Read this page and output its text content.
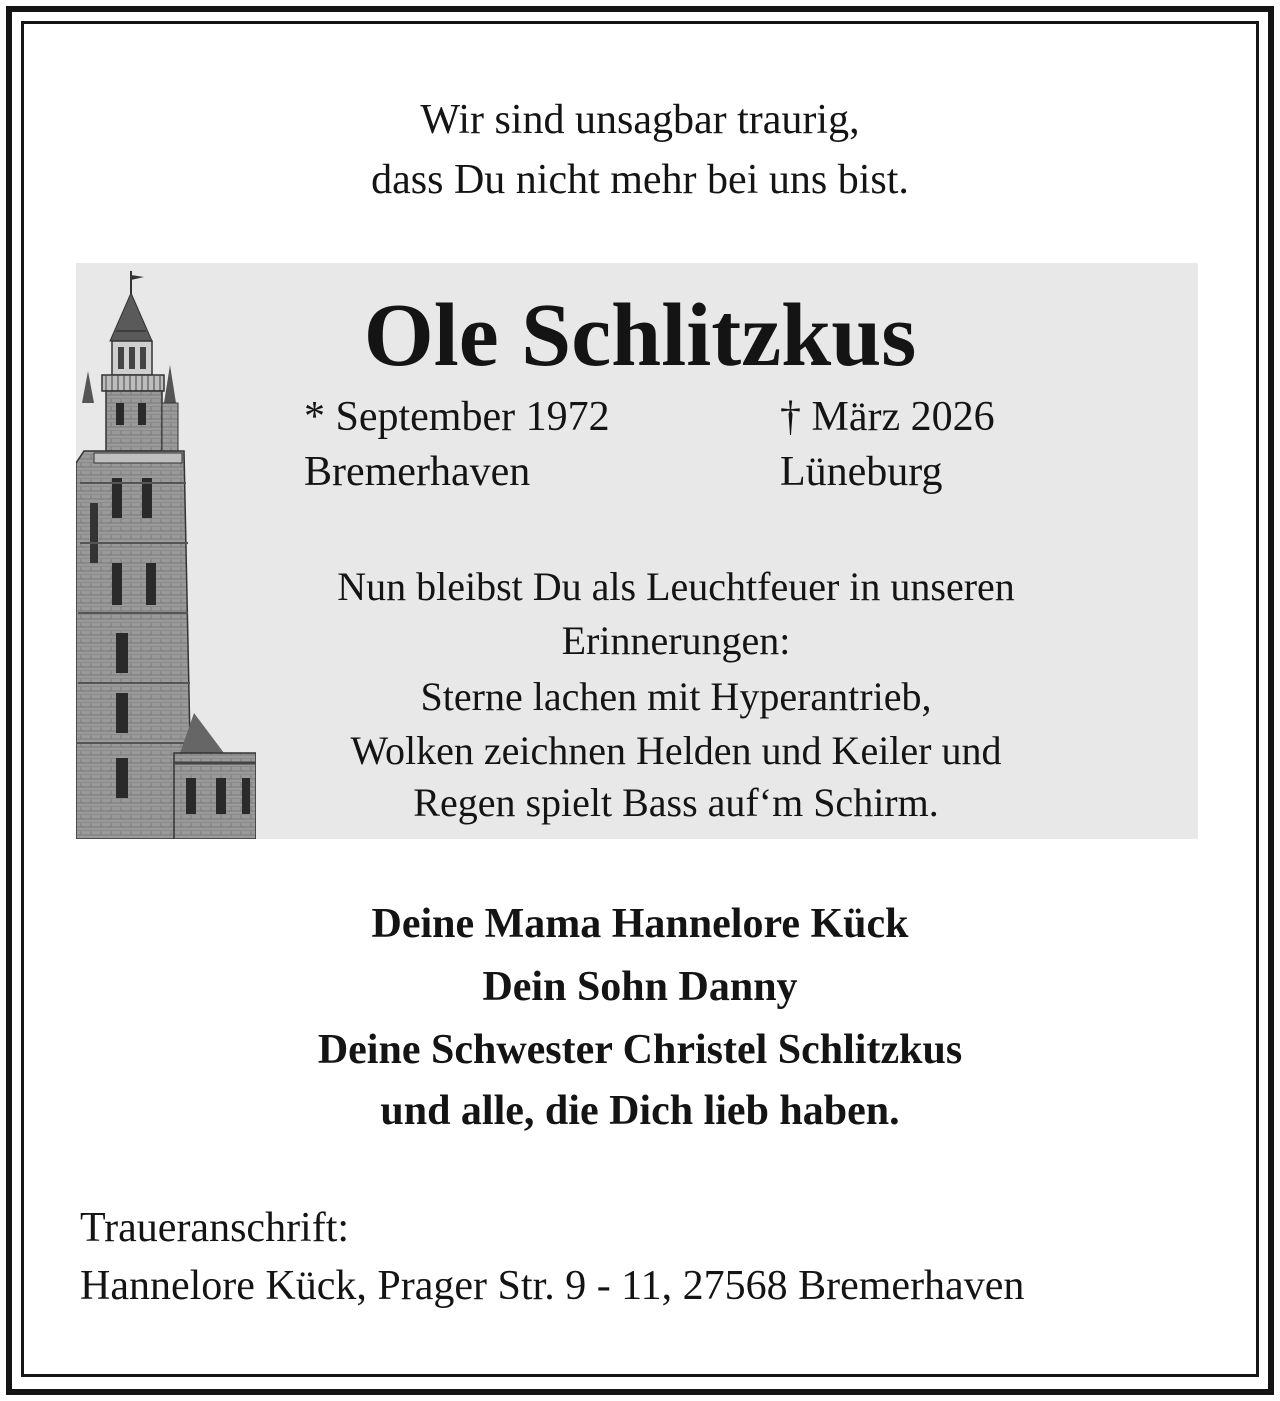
Wir sind unsagbar traurig,
dass Du nicht mehr bei uns bist.
Ole Schlitzkus
* September 1972
Bremerhaven
† März 2026
Lüneburg
Nun bleibst Du als Leuchtfeuer in unseren
Erinnerungen:
Sterne lachen mit Hyperantrieb,
Wolken zeichnen Helden und Keiler und
Regen spielt Bass auf‘m Schirm.
Deine Mama Hannelore Kück
Dein Sohn Danny
Deine Schwester Christel Schlitzkus
und alle, die Dich lieb haben.
Traueranschrift:
Hannelore Kück, Prager Str. 9 - 11, 27568 Bremerhaven
